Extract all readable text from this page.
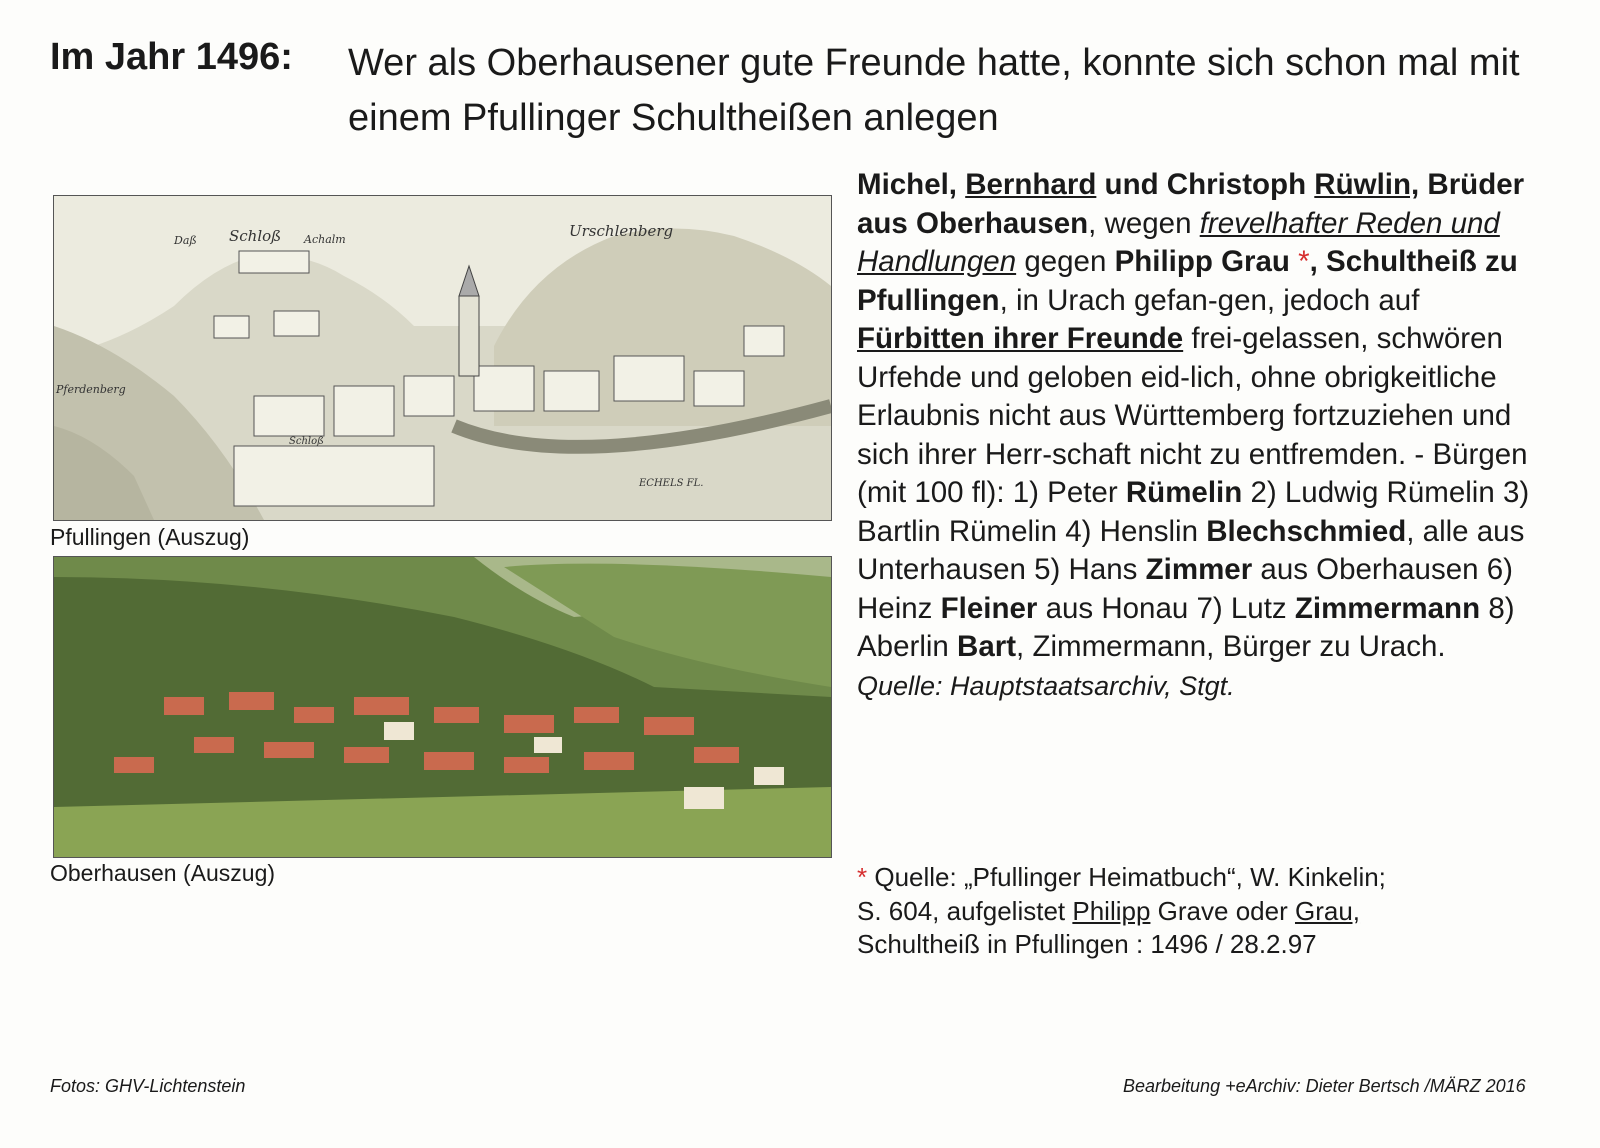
Im Jahr 1496: Wer als Oberhausener gute Freunde hatte, konnte sich schon mal mit einem Pfullinger Schultheißen anlegen
Daß Schloß Achalm	Urschlenberg
Pferdenberg
Schloß
ECHELS FL.
Pfullingen (Auszug)
Oberhausen (Auszug)
Michel, Bernhard und Christoph Rüwlin, Brüder aus Oberhausen, wegen frevelhafter Reden und Handlungen gegen Philipp Grau *, Schultheiß zu Pfullingen, in Urach gefan-gen, jedoch auf Fürbitten ihrer Freunde frei-gelassen, schwören Urfehde und geloben eid-lich, ohne obrigkeitliche Erlaubnis nicht aus Württemberg fortzuziehen und sich ihrer Herr-schaft nicht zu entfremden. - Bürgen (mit 100 fl): 1) Peter Rümelin 2) Ludwig Rümelin 3) Bartlin Rümelin 4) Henslin Blechschmied, alle aus Unterhausen 5) Hans Zimmer aus Oberhausen 6) Heinz Fleiner aus Honau 7) Lutz Zimmermann 8) Aberlin Bart, Zimmermann, Bürger zu Urach.
Quelle: Hauptstaatsarchiv, Stgt.
* Quelle: „Pfullinger Heimatbuch“, W. Kinkelin;
S. 604, aufgelistet Philipp Grave oder Grau,
Schultheiß in Pfullingen : 1496 / 28.2.97
Fotos: GHV-Lichtenstein	Bearbeitung +eArchiv: Dieter Bertsch /MÄRZ 2016
